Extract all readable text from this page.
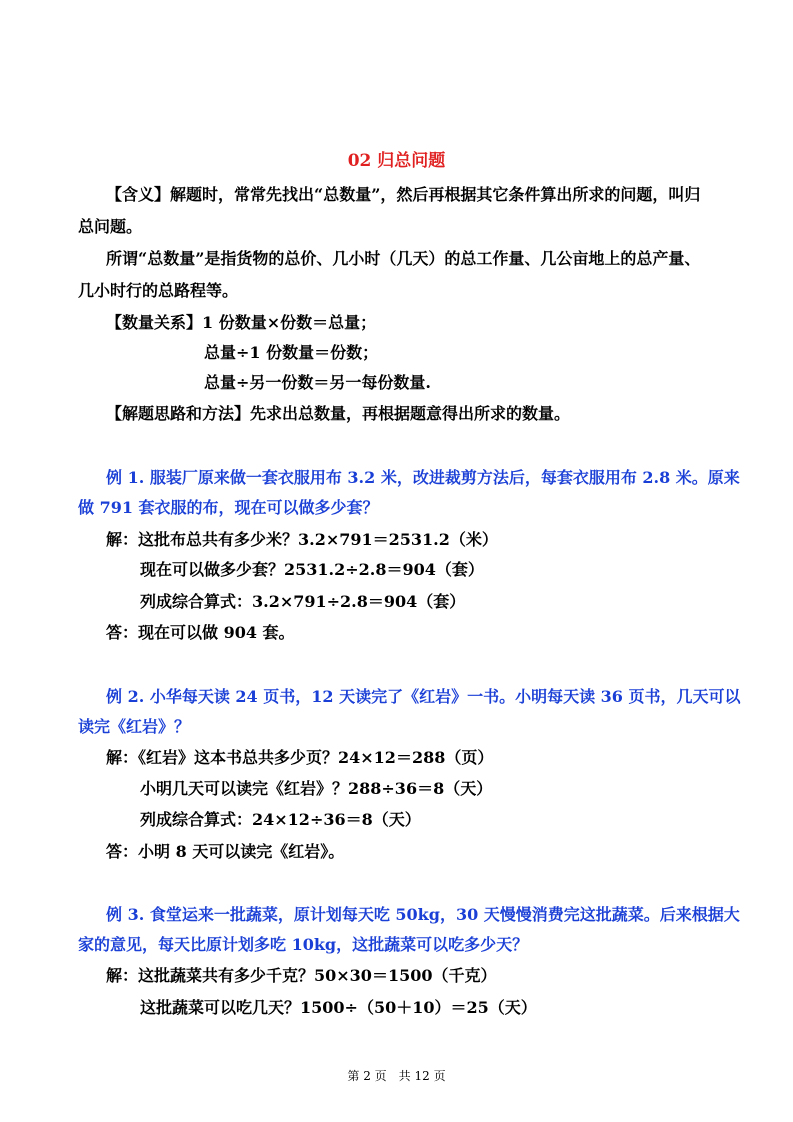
02 归总问题
【含义】解题时，常常先找出“总数量”，然后再根据其它条件算出所求的问题，叫归
总问题。
所谓“总数量”是指货物的总价、几小时（几天）的总工作量、几公亩地上的总产量、
几小时行的总路程等。
【数量关系】1 份数量×份数＝总量；
总量÷1 份数量＝份数；
总量÷另一份数＝另一每份数量.
【解题思路和方法】先求出总数量，再根据题意得出所求的数量。
例 1. 服装厂原来做一套衣服用布 3.2 米，改进裁剪方法后，每套衣服用布 2.8 米。原来
做 791 套衣服的布，现在可以做多少套？
解：这批布总共有多少米？3.2×791＝2531.2（米）
现在可以做多少套？2531.2÷2.8＝904（套）
列成综合算式：3.2×791÷2.8＝904（套）
答：现在可以做 904 套。
例 2. 小华每天读 24 页书，12 天读完了《红岩》一书。小明每天读 36 页书，几天可以
读完《红岩》？
解：《红岩》这本书总共多少页？24×12＝288（页）
小明几天可以读完《红岩》？288÷36＝8（天）
列成综合算式：24×12÷36＝8（天）
答：小明 8 天可以读完《红岩》。
例 3. 食堂运来一批蔬菜，原计划每天吃 50kg，30 天慢慢消费完这批蔬菜。后来根据大
家的意见，每天比原计划多吃 10kg，这批蔬菜可以吃多少天？
解：这批蔬菜共有多少千克？50×30＝1500（千克）
这批蔬菜可以吃几天？1500÷（50＋10）＝25（天）
第 2 页　共 12 页
